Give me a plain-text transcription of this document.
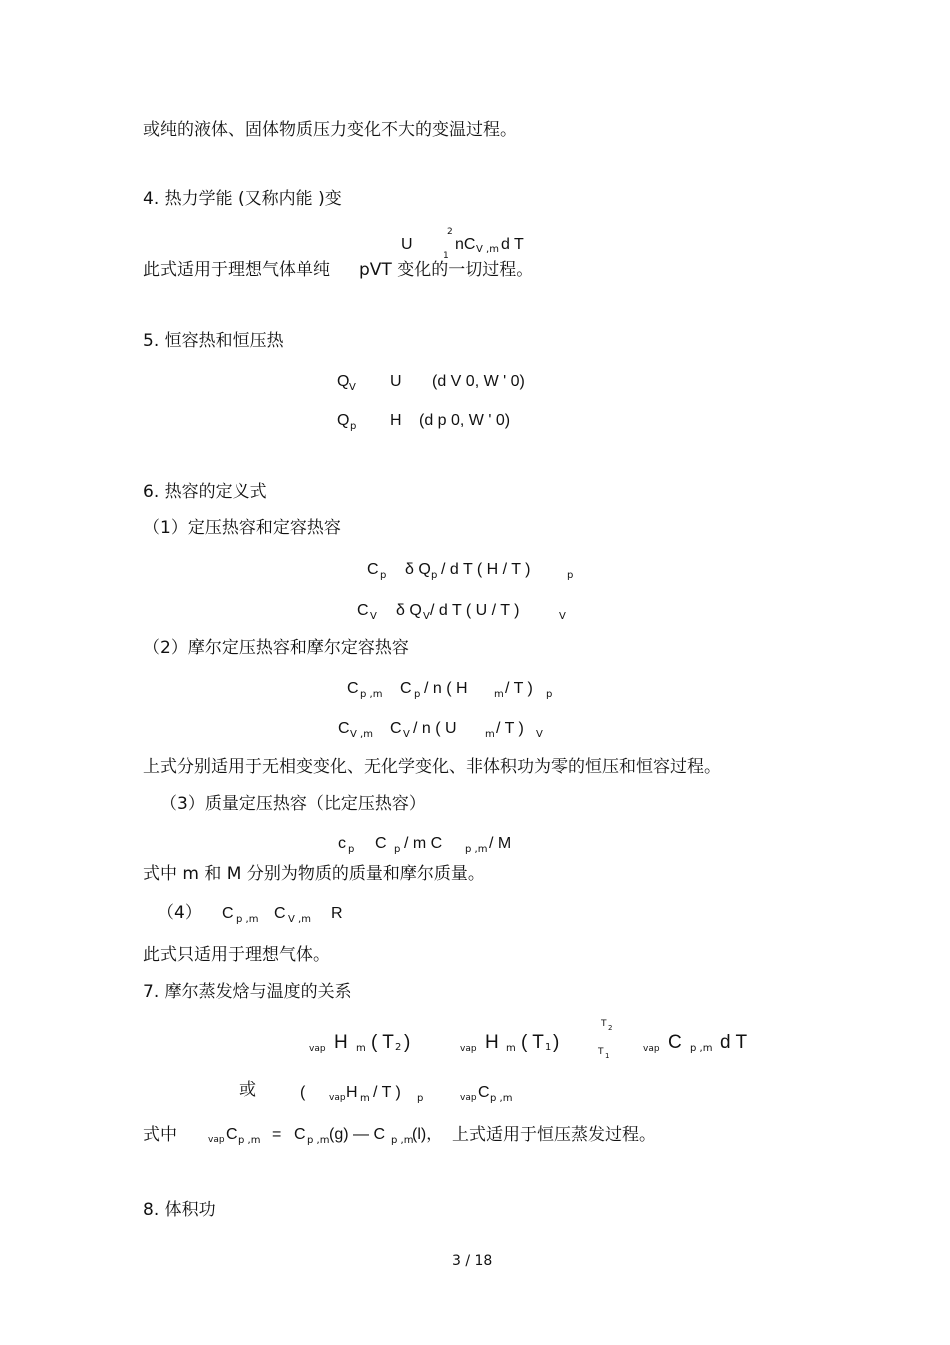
或纯的液体、固体物质压力变化不大的变温过程。
4. 热力学能 (又称内能 )变
U
2
1
nC V ,m d T
此式适用于理想气体单纯 pVT 变化的一切过程。
5. 恒容热和恒压热
Q V U (d V 0, W ' 0)
Q p H (d p 0, W ' 0)
6. 热容的定义式
（1）定压热容和定容热容
C p δ Q p / d T ( H / T )	p
C V δ Q V / d T ( U / T )	V
（2）摩尔定压热容和摩尔定容热容
C p ,m C p / n ( H	m / T ) p
C V ,m C V / n ( U	m / T ) V
上式分别适用于无相变变化、无化学变化、非体积功为零的恒压和恒容过程。
（3）质量定压热容（比定压热容）
c p C p / m C p ,m / M
式中 m 和 M 分别为物质的质量和摩尔质量。
（4） C p ,m C V ,m R
此式只适用于理想气体。
7. 摩尔蒸发焓与温度的关系
vap H m ( T 2 )	vap H m ( T 1 )
T 2
T 1
vap C p ,m d T
或	(	vap H m / T ) p	vap C p ,m
式中	vap C p ,m = C p ,m (g) — C p ,m
(l)， 上式适用于恒压蒸发过程。
8. 体积功
3 / 18
